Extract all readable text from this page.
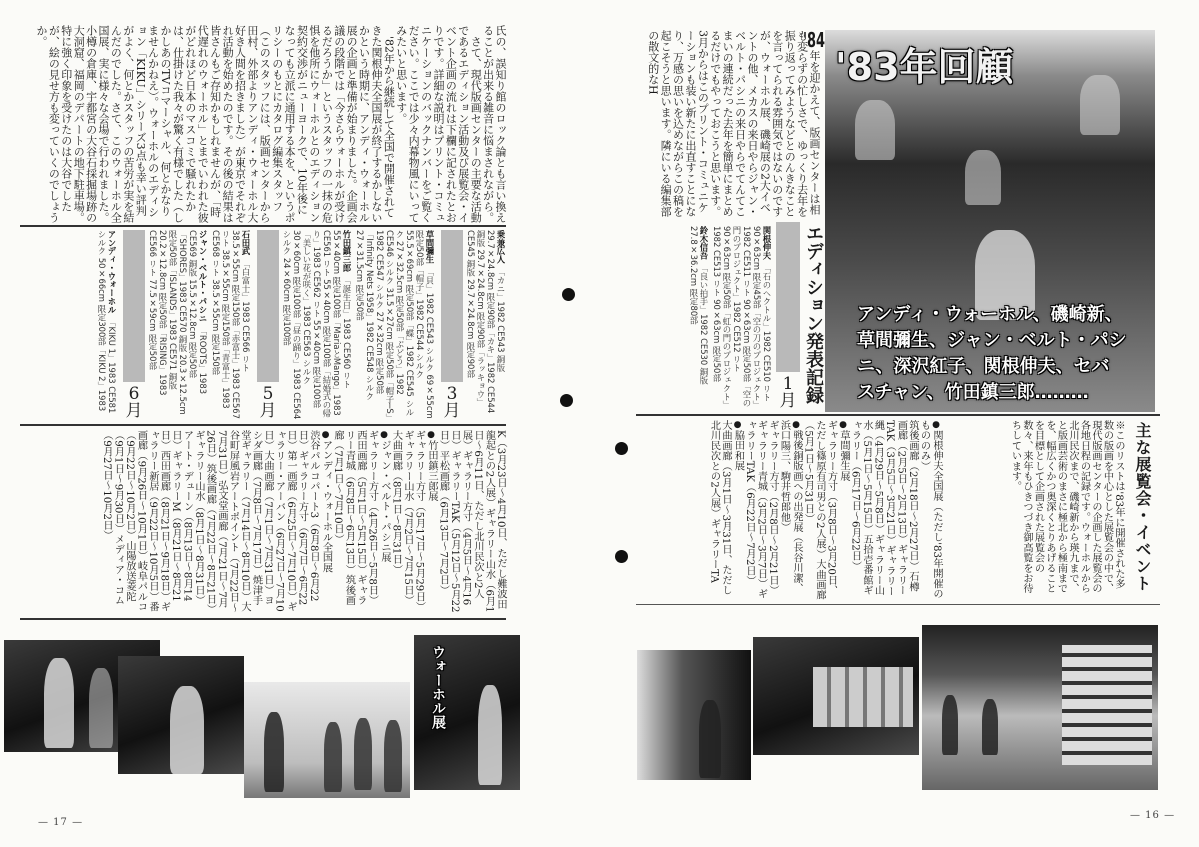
氏の、誤知り館のロック論とも言い換えることが出来る雑音に悩まされながら。

さて、現代版画センターの主要な活動であるエディション活動及び展覧会・イベント企画の流れは下欄に記されたとおりです。詳細な説明はプリント・コミュニケーションのバックナンバーをご覧ください。ここでは少々内幕物風にいってみたいと思います。

'82年から継続して全国で開催されてきた関根伸夫全国展が終了するかしないかという時期に、アンディ・ウォーホル展の企画と準備が始まりました。企画会議の段階では「今さらウォーホルが受けるだろうか」というスタッフの一抹の危惧を他所にウォーホルとのエディション契約交渉がニューヨークで、10年後になっても立派に通用する本を、というポリシーのもとにカタログ編集スタッフ（このスタッフには、版画センターから田村、外部よりアンディ・ウォーホル大好き人間を招きました）が東京でそれぞれ活動を始めたのです。その後の結果は皆さんもご存知かもしれませんが、「時代遅れのウォーホル」とまでいわれた彼がどれほど日本のマスコミで騒れたかは、仕掛けた我々が驚く有様でした（しかしあのTVコマーシャル、何とかなりませんかねえ）。ウォーホルのエディション「KIKU」シリーズ3点も幸い評判がよく、何とかスタッフの苦労が実を結んだのでした。さて、このウォーホル全国展、実に様々な会場で行われました。小樽の倉庫、宇都宮の大谷石採掘場跡の大洞窟、福岡のデパートの地下駐車場。特に強く印象を受けたのは大谷でしたが、絵の見せ方も変っていくのでしょうか。

乗兼広人　「カニ」1982 CE543 銅版 29.7×24.8cm 限定90部「カキ」1982 CE544 銅版 29.7×24.8cm 限定90部「ラッキョウ」CE545 銅版 29.7×24.8cm 限定90部

3月

草間彌生　「貝」1982 CE543 シルク 69×55cm 限定50部「帽子」1982 CE544 シルク 55.5×69cm 限定50部「蝶」1982 CE545 シルク 27×32.5cm 限定50部「ぶどう」1982 CE546 シルク 31.5×27cm 限定50部「帽子─S」1982 CE547 シルク 27×32cm 限定50部「Infinity Nets 1958」1982 CE548 シルク 27×31.5cm 限定50部

竹田鎮三郎　「誕生日」1983 CE560 リト 55×40cm 限定100部「MariaとMango」1983 CE561 リト 55×40cm 限定100部「結婚式の帰り」1983 CE562 リト 55×40cm 限定100部「美しい花が咲く」1983 CE563 シルク 30×60cm 限定100部「昼の踊り」1983 CE564 シルク 24×60cm 限定100部

5月

石田武　「白富士」1983 CE566 リト 38.5×55cm 限定150部「赤富士」1983 CE567 リト 38.5×55cm 限定150部「青富士」1983 CE568 リト 38.5×55cm 限定150部

ジャン・ベルト・パシニ　「ROOTS」1983 CE569 銅版 15.5×12.8cm 限定50部「SHORES」1983 CE570 銅版 20.3×12.5cm 限定50部「ISLANDS」1983 CE571 銅版 20.2×12.8cm 限定50部「RISING」1983 CE566 リト 77.5×59cm 限定50部

6月

アンディ・ウォーホル　「KIKU 1」1983 CE581 シルク 50×66cm 限定300部「KIKU 2」1983

K（3月23日〜4月10日、ただし難波田龍起との2人展）ギャラリー山水（6月1日〜6月11日、ただし北川民次と2人展）ギャラリー方寸（4月5日〜4月16日）ギャラリーTAK（5月12日〜5月22日）平松画廊（6月13日〜7月2日）

●竹田鎮三郎展
ギャラリー方寸（5月17日〜5月29日）ギャラリー山水（7月2日〜7月15日）大曲画廊（8月1日〜8月31日）

●ジャン・ベルト・パシニ展
ギャラリー方寸（4月26日〜5月8日）西田画廊（5月1日〜5月15日）ギャラリー青城（6月8日〜6月13日）筑後画廊（7月1日〜7月10日）

●アンディ・ウォーホル全国展
渋谷パルコパート3（6月8日〜6月22日）ギャラリー方寸（6月7日〜6月22日）第一画廊（6月25日〜7月10日）ギャラリー・アーバン（6月27日〜7月10日）大曲画廊（7月1日〜7月31日）ヨシダ画廊（7月8日〜7月17日）焼津手堂ギャラリー（7月14日〜8月10日）大谷町屏風岩アートポイント（7月22日〜7月31日）弘文堂画廊（7月21日〜7月26日）筑後画廊（7月22日〜8月21日）ギャラリー山水（8月1日〜8月31日）アート・デューン（8月13日〜8月14日）ギャラリーM（8月21日〜8月21日）西田画廊（8月21日〜9月18日）ギャラリー新居（9月22日〜10月5日）番画廊（9月26日〜10月1日）岐阜パルコ（9月22日〜10月2日）山陽放送菱陀（9月1日〜9月30日）メディア・コム（9月27日〜10月2日）

ウォーホル展
— 17 —

'84年を迎かえて、版画センターは相も変らずの忙しさで、ゆっくり去年を振り返ってみようなどとのんきなことを言ってられる雰囲気ではないのですが、ウォーホル展、磯崎展の2大イベントの他、メカスの来日やらジャン・ベルト・パシニの来日やらでてんてこまいの連続だった去年を簡単にまとめるだけでもやっておこうと思います。3月からはこのプリント・コミュニケーションも装い新たに出直すことになり、万感の思いを込めながらこの稿を起こそうと思います。隣にいる編集部の散文的なH	'83年回顧
アンディ・ウォーホル、磯崎新、草間彌生、ジャン・ベルト・パシニ、深沢紅子、関根伸夫、セバスチャン、竹田鎮三郎………
エディション発表記録
1月

関根伸夫　「石のヘクトル」1982 CE510 リト 90×63cm 限定45部「空の刀のプロジェクト」1982 CE511 リト 90×63cm 限定50部「空の門のプロジェクト」1982 CE512 リト 90×63cm 限定50部「虹の門のプロジェクト」1982 CE513 リト 90×63cm 限定50部

鈴木信吾　「良い拍手」1982 CE530 銅版 27.8×36.2cm 限定80部

主な展覧会・イベント
※このリストは'83年に開催された多数の版画を中心とした展覧会の中で、現代版画センターの企画した展覧会の各地日程の記録です。ウォーホルから北川民次まで、磯崎新から瑛九まで、と版画芸術のまさに極北から極南までを、幅広くかつ奥深くとりあげることを目標として企画された展覧会の数々、来年もひきつづき御高覧をお待ちしています。

●関根伸夫全国展（ただし'83年開催のもののみ）
筑後画廊（2月18日〜2月27日）石樽画廊（2月5日〜2月13日）ギャラリーTAK（3月5日〜3月21日）ギャラリー縄（4月29日〜5月8日）ギャラリー山水（5月1日〜5月15日）五拾壱番館ギャラリー（6月17日〜6月22日）

●草間彌生展
ギャラリー方寸（3月8日〜3月20日、ただし篠原有司男との2人展）大曲画廊（5月1日〜5月31日）

●戦後銅版画への出発展（長谷川潔、浜口陽三、駒井哲郎他）
ギャラリー方寸（2月8日〜2月21日）ギャラリー青城（3月2日〜3月7日）ギャラリーTAK（6月22日〜7月2日）

●脇田和展
大曲画廊（3月1日〜3月31日、ただし北川民次との2人展）ギャラリーTA

— 16 —
